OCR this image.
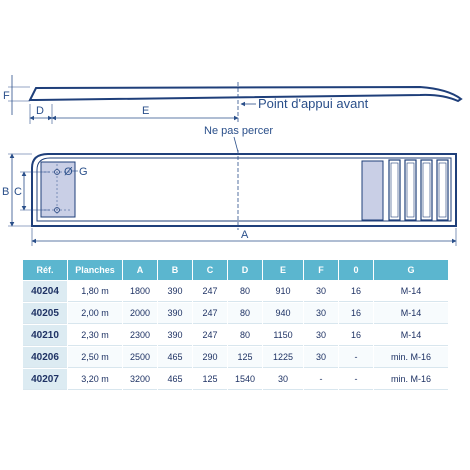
F
D	E	Point d'appui avant
Ne pas percer
Ø G
B C
A
Réf.	Planches	A	B	C	D	E	F	0	G
40204	1,80 m	1800	390	247	80	910	30	16	M-14
40205	2,00 m	2000	390	247	80	940	30	16	M-14
40210	2,30 m	2300	390	247	80	1150	30	16	M-14
40206	2,50 m	2500	465	290	125	1225	30	-	min. M-16
40207	3,20 m	3200	465	125	1540	30	-	-	min. M-16
